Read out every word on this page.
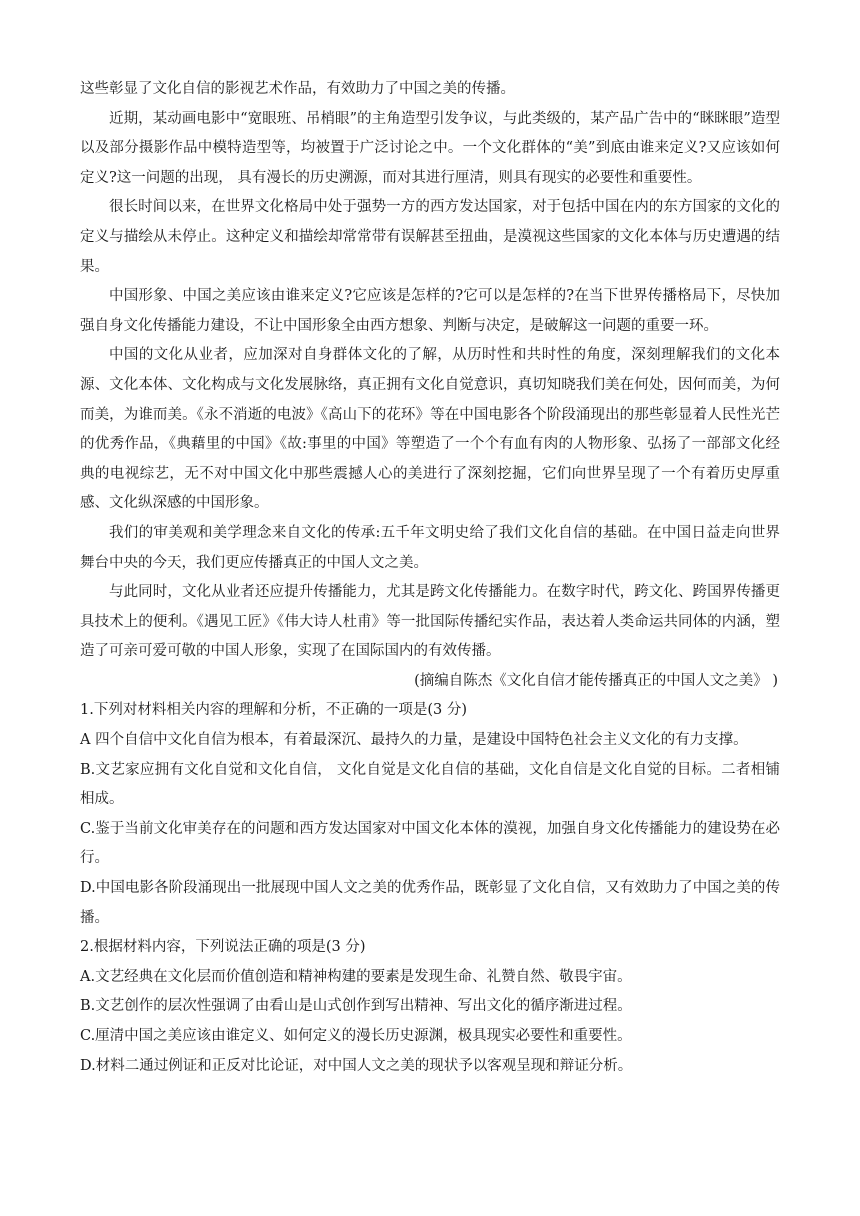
这些彰显了文化自信的影视艺术作品，有效助力了中国之美的传播。

近期，某动画电影中“宽眼班、吊梢眼”的主角造型引发争议，与此类级的，某产品广告中的“眯眯眼”造型以及部分摄影作品中模特造型等，均被置于广泛讨论之中。一个文化群体的“美”到底由谁来定义?又应该如何定义?这一问题的出现， 具有漫长的历史溯源，而对其进行厘清，则具有现实的必要性和重要性。

很长时间以来，在世界文化格局中处于强势一方的西方发达国家，对于包括中国在内的东方国家的文化的定义与描绘从未停止。这种定义和描绘却常常带有误解甚至扭曲，是漠视这些国家的文化本体与历史遭遇的结果。

中国形象、中国之美应该由谁来定义?它应该是怎样的?它可以是怎样的?在当下世界传播格局下，尽快加强自身文化传播能力建设，不让中国形象全由西方想象、判断与决定，是破解这一问题的重要一环。

中国的文化从业者，应加深对自身群体文化的了解，从历时性和共时性的角度，深刻理解我们的文化本源、文化本体、文化构成与文化发展脉络，真正拥有文化自觉意识，真切知晓我们美在何处，因何而美，为何而美，为谁而美。《永不消逝的电波》《高山下的花环》等在中国电影各个阶段涌现出的那些彰显着人民性光芒的优秀作品，《典藉里的中国》《故:事里的中国》等塑造了一个个有血有肉的人物形象、弘扬了一部部文化经典的电视综艺，无不对中国文化中那些震撼人心的美进行了深刻挖掘，它们向世界呈现了一个有着历史厚重感、文化纵深感的中国形象。

我们的审美观和美学理念来自文化的传承:五千年文明史给了我们文化自信的基础。在中国日益走向世界舞台中央的今天，我们更应传播真正的中国人文之美。

与此同时，文化从业者还应提升传播能力，尤其是跨文化传播能力。在数字时代，跨文化、跨国界传播更具技术上的便利。《遇见工匠》《伟大诗人杜甫》等一批国际传播纪实作品，表达着人类命运共同体的内涵，塑造了可亲可爱可敬的中国人形象，实现了在国际国内的有效传播。

(摘编自陈杰《文化自信才能传播真正的中国人文之美》 )

1.下列对材料相关内容的理解和分析，不正确的一项是(3 分)

A 四个自信中文化自信为根本，有着最深沉、最持久的力量，是建设中国特色社会主义文化的有力支撑。

B.文艺家应拥有文化自觉和文化自信， 文化自觉是文化自信的基础，文化自信是文化自觉的目标。二者相铺相成。

C.鉴于当前文化审美存在的问题和西方发达国家对中国文化本体的漠视，加强自身文化传播能力的建设势在必行。

D.中国电影各阶段涌现出一批展现中国人文之美的优秀作品，既彰显了文化自信，又有效助力了中国之美的传播。

2.根据材料内容，下列说法正确的项是(3 分)

A.文艺经典在文化层而价值创造和精神构建的要素是发现生命、礼赞自然、敬畏宇宙。

B.文艺创作的层次性强调了由看山是山式创作到写出精神、写出文化的循序渐进过程。

C.厘清中国之美应该由谁定义、如何定义的漫长历史源渊，极具现实必要性和重要性。

D.材料二通过例证和正反对比论证，对中国人文之美的现状予以客观呈现和辩证分析。
